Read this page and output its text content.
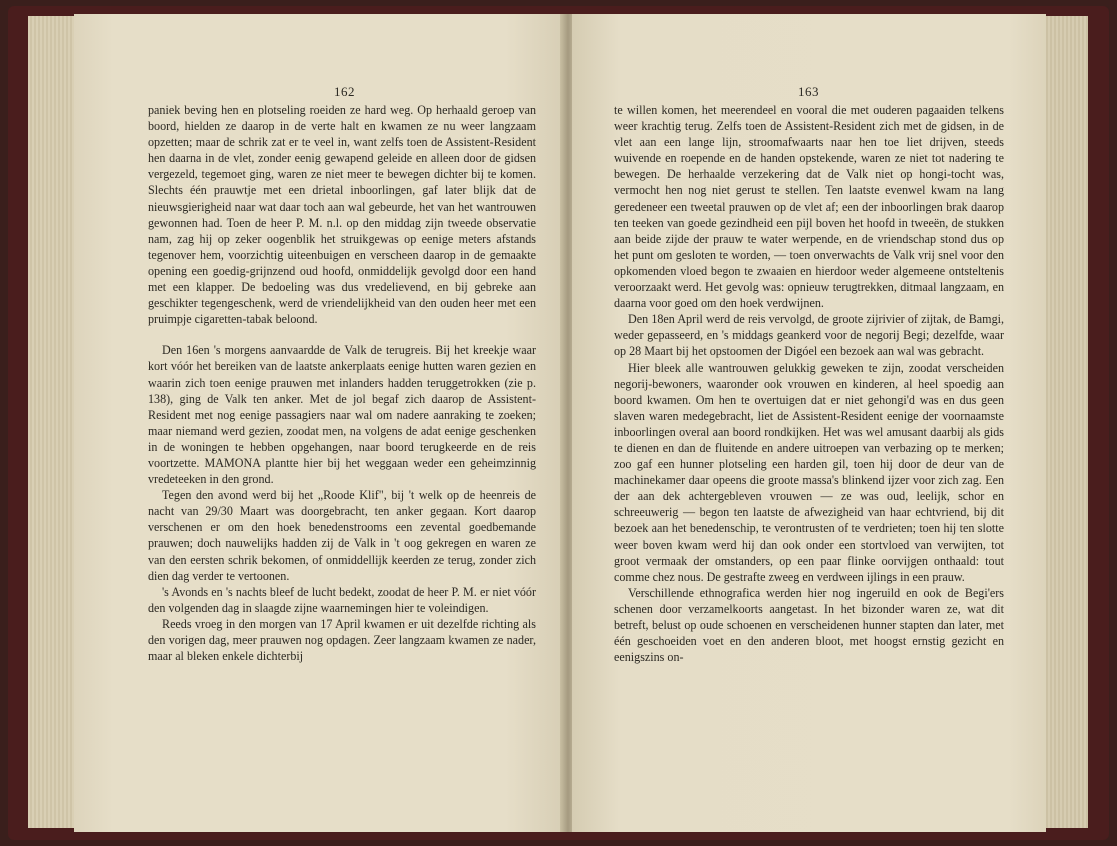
162

paniek beving hen en plotseling roeiden ze hard weg. Op herhaald geroep van boord, hielden ze daarop in de verte halt en kwamen ze nu weer langzaam opzetten; maar de schrik zat er te veel in, want zelfs toen de Assistent-Resident hen daarna in de vlet, zonder eenig gewapend geleide en alleen door de gidsen vergezeld, tegemoet ging, waren ze niet meer te bewegen dichter bij te komen. Slechts één prauwtje met een drietal inboorlingen, gaf later blijk dat de nieuwsgierigheid naar wat daar toch aan wal gebeurde, het van het wantrouwen gewonnen had. Toen de heer P. M. n.l. op den middag zijn tweede observatie nam, zag hij op zeker oogenblik het struikgewas op eenige meters afstands tegenover hem, voorzichtig uiteenbuigen en verscheen daarop in de gemaakte opening een goedig-grijnzend oud hoofd, onmiddelijk gevolgd door een hand met een klapper. De bedoeling was dus vredelievend, en bij gebreke aan geschikter tegengeschenk, werd de vriendelijkheid van den ouden heer met een pruimpje cigaretten-tabak beloond.

Den 16en 's morgens aanvaardde de Valk de terugreis. Bij het kreekje waar kort vóór het bereiken van de laatste ankerplaats eenige hutten waren gezien en waarin zich toen eenige prauwen met inlanders hadden teruggetrokken (zie p. 138), ging de Valk ten anker. Met de jol begaf zich daarop de Assistent-Resident met nog eenige passagiers naar wal om nadere aanraking te zoeken; maar niemand werd gezien, zoodat men, na volgens de adat eenige geschenken in de woningen te hebben opgehangen, naar boord terugkeerde en de reis voortzette. MAMONA plantte hier bij het weggaan weder een geheimzinnig vredeteeken in den grond.

Tegen den avond werd bij het „Roode Klif", bij 't welk op de heenreis de nacht van 29/30 Maart was doorgebracht, ten anker gegaan. Kort daarop verschenen er om den hoek benedenstrooms een zevental goedbemande prauwen; doch nauwelijks hadden zij de Valk in 't oog gekregen en waren ze van den eersten schrik bekomen, of onmiddellijk keerden ze terug, zonder zich dien dag verder te vertoonen.

's Avonds en 's nachts bleef de lucht bedekt, zoodat de heer P. M. er niet vóór den volgenden dag in slaagde zijne waarnemingen hier te voleindigen.

Reeds vroeg in den morgen van 17 April kwamen er uit dezelfde richting als den vorigen dag, meer prauwen nog opdagen. Zeer langzaam kwamen ze nader, maar al bleken enkele dichterbij

163

te willen komen, het meerendeel en vooral die met ouderen pagaaiden telkens weer krachtig terug. Zelfs toen de Assistent-Resident zich met de gidsen, in de vlet aan een lange lijn, stroomafwaarts naar hen toe liet drijven, steeds wuivende en roepende en de handen opstekende, waren ze niet tot nadering te bewegen. De herhaalde verzekering dat de Valk niet op hongi-tocht was, vermocht hen nog niet gerust te stellen. Ten laatste evenwel kwam na lang geredeneer een tweetal prauwen op de vlet af; een der inboorlingen brak daarop ten teeken van goede gezindheid een pijl boven het hoofd in tweeën, de stukken aan beide zijde der prauw te water werpende, en de vriendschap stond dus op het punt om gesloten te worden, — toen onverwachts de Valk vrij snel voor den opkomenden vloed begon te zwaaien en hierdoor weder algemeene ontsteltenis veroorzaakt werd. Het gevolg was: opnieuw terugtrekken, ditmaal langzaam, en daarna voor goed om den hoek verdwijnen.

Den 18en April werd de reis vervolgd, de groote zijrivier of zijtak, de Bamgi, weder gepasseerd, en 's middags geankerd voor de negorij Begi; dezelfde, waar op 28 Maart bij het opstoomen der Digóel een bezoek aan wal was gebracht.

Hier bleek alle wantrouwen gelukkig geweken te zijn, zoodat verscheiden negorij-bewoners, waaronder ook vrouwen en kinderen, al heel spoedig aan boord kwamen. Om hen te overtuigen dat er niet gehongi'd was en dus geen slaven waren medegebracht, liet de Assistent-Resident eenige der voornaamste inboorlingen overal aan boord rondkijken. Het was wel amusant daarbij als gids te dienen en dan de fluitende en andere uitroepen van verbazing op te merken; zoo gaf een hunner plotseling een harden gil, toen hij door de deur van de machinekamer daar opeens die groote massa's blinkend ijzer voor zich zag. Een der aan dek achtergebleven vrouwen — ze was oud, leelijk, schor en schreeuwerig — begon ten laatste de afwezigheid van haar echtvriend, bij dit bezoek aan het benedenschip, te verontrusten of te verdrieten; toen hij ten slotte weer boven kwam werd hij dan ook onder een stortvloed van verwijten, tot groot vermaak der omstanders, op een paar flinke oorvijgen onthaald: tout comme chez nous. De gestrafte zweeg en verdween ijlings in een prauw.

Verschillende ethnografica werden hier nog ingeruild en ook de Begi'ers schenen door verzamelkoorts aangetast. In het bizonder waren ze, wat dit betreft, belust op oude schoenen en verscheidenen hunner stapten dan later, met één geschoeiden voet en den anderen bloot, met hoogst ernstig gezicht en eenigszins on-
